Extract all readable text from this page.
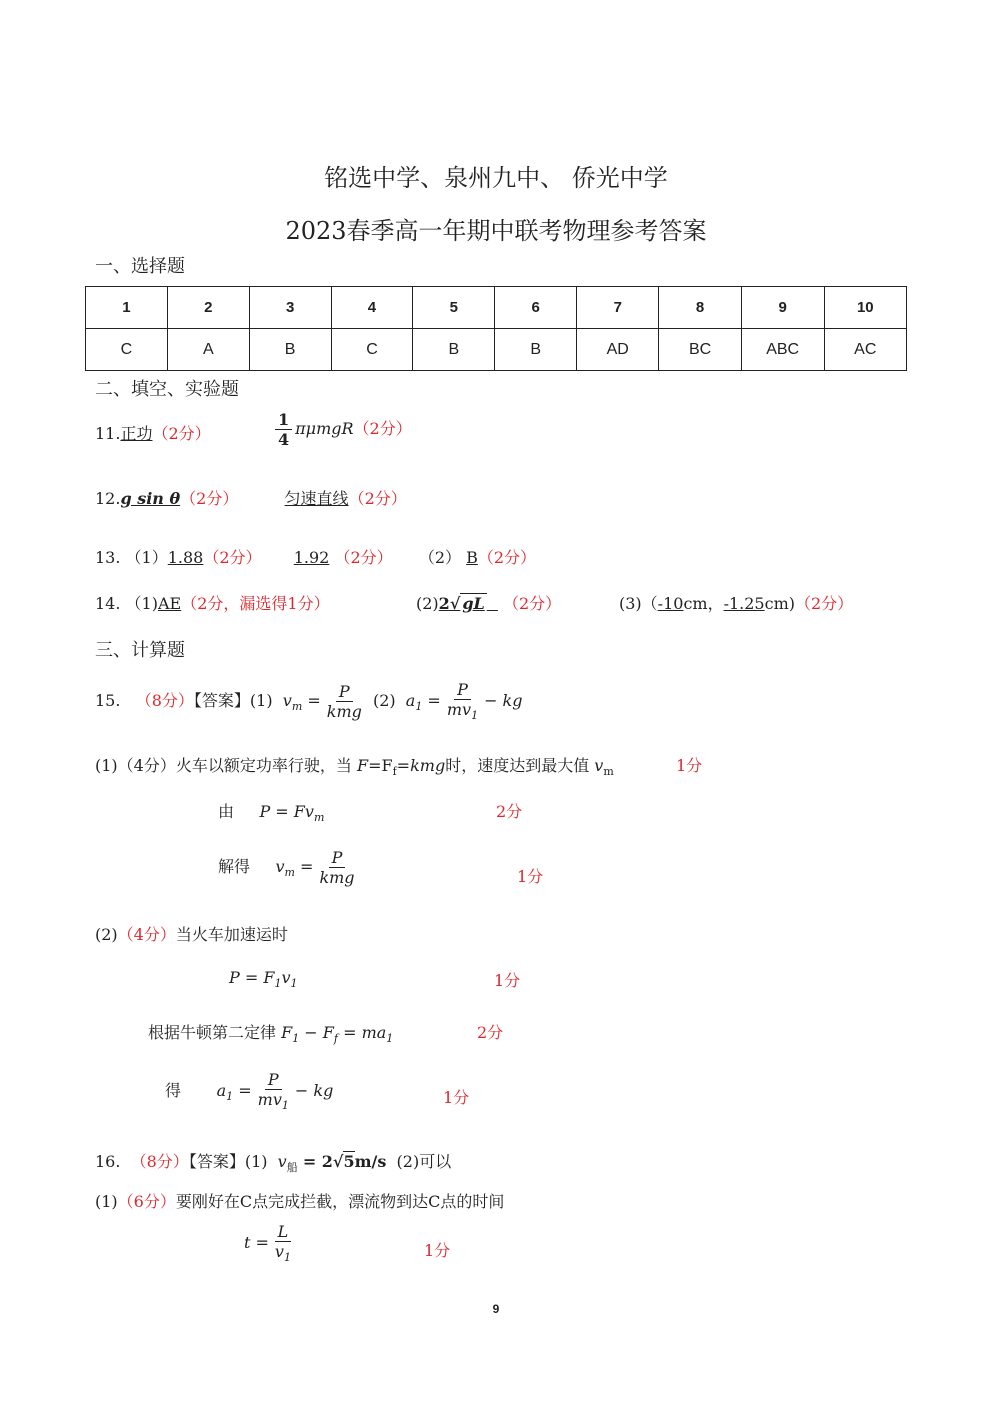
铭选中学、泉州九中、 侨光中学
2023春季高一年期中联考物理参考答案
一、选择题
1	2	3	4	5	6	7	8	9	10
C	A	B	C	B	B	AD	BC	ABC	AC
二、填空、实验题
11.正功（2分）	$\frac{1}{4} \pi\mu mgR(2$分）
12.g sin θ（2分）	匀速直线（2分）
13. （1）1.88（2分） 1.92 （2分） （2） B（2分）
14. （1)AE（2分，漏选得1分）	(2)2√ gL （2分）	(3)（-10cm，-1.25cm)（2分）
三、计算题
15. （8分）【答案】(1) $v_m = \frac{P}{\text{kmg}} (2) a_1 = \frac{P}{mv_1}$ − kg
(1)（4分）火车以额定功率行驶，当 $F=F_f=kmg$时，速度达到最大值 $v_m$	1分
由 $P = Fv_m$	2分
解得 $v_m = \frac{P}{\text{kmg}}$	1分
(2)（4分）当火车加速运时
$P = F_1v_1$	1分
根据牛顿第二定律 $F_1 - F_f = ma_1$	2分
得 $a_1 = \frac{P}{mv_1}$ − kg	1分
16. （8分）【答案】(1) $v_船 = 2√5m/s$ (2)可以
(1)（6分）要刚好在C点完成拦截，漂流物到达C点的时间
$t = \frac{L}{v_1}$	1分
9
